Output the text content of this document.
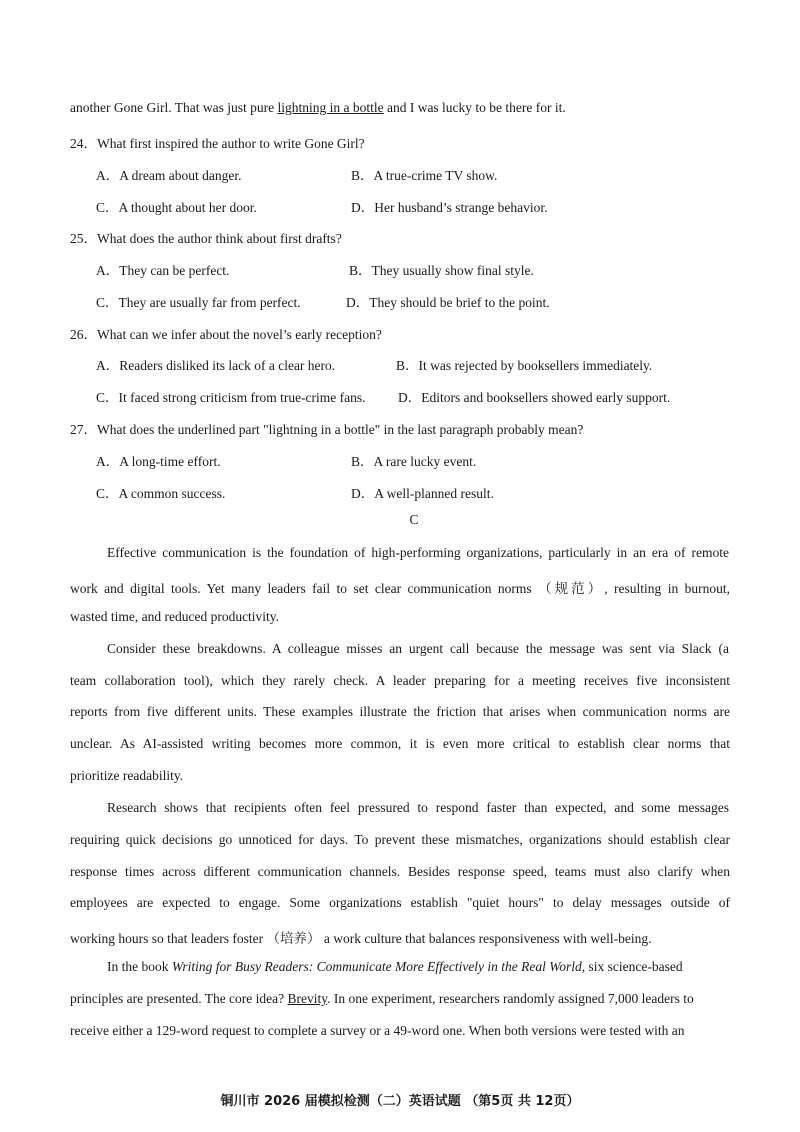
another Gone Girl. That was just pure lightning in a bottle and I was lucky to be there for it.
24．What first inspired the author to write Gone Girl?
A．A dream about danger.	B．A true-crime TV show.
C．A thought about her door.	D．Her husband’s strange behavior.
25．What does the author think about first drafts?
A．They can be perfect.	B．They usually show final style.
C．They are usually far from perfect.	D．They should be brief to the point.
26．What can we infer about the novel’s early reception?
A．Readers disliked its lack of a clear hero.	B．It was rejected by booksellers immediately.
C．It faced strong criticism from true-crime fans. D．Editors and booksellers showed early support.
27．What does the underlined part "lightning in a bottle" in the last paragraph probably mean?
A．A long-time effort.	B．A rare lucky event.
C．A common success.	D．A well-planned result.
C
Effective communication is the foundation of high-performing organizations, particularly in an era of remote
work and digital tools. Yet many leaders fail to set clear communication norms （规范）, resulting in burnout,
wasted time, and reduced productivity.
Consider these breakdowns. A colleague misses an urgent call because the message was sent via Slack (a
team collaboration tool), which they rarely check. A leader preparing for a meeting receives five inconsistent
reports from five different units. These examples illustrate the friction that arises when communication norms are
unclear. As AI-assisted writing becomes more common, it is even more critical to establish clear norms that
prioritize readability.
Research shows that recipients often feel pressured to respond faster than expected, and some messages
requiring quick decisions go unnoticed for days. To prevent these mismatches, organizations should establish clear
response times across different communication channels. Besides response speed, teams must also clarify when
employees are expected to engage. Some organizations establish "quiet hours" to delay messages outside of
working hours so that leaders foster （培养） a work culture that balances responsiveness with well-being.
In the book Writing for Busy Readers: Communicate More Effectively in the Real World, six science-based
principles are presented. The core idea? Brevity. In one experiment, researchers randomly assigned 7,000 leaders to
receive either a 129-word request to complete a survey or a 49-word one. When both versions were tested with an
铜川市 2026 届模拟检测（二）英语试题 （第5页 共 12页）
